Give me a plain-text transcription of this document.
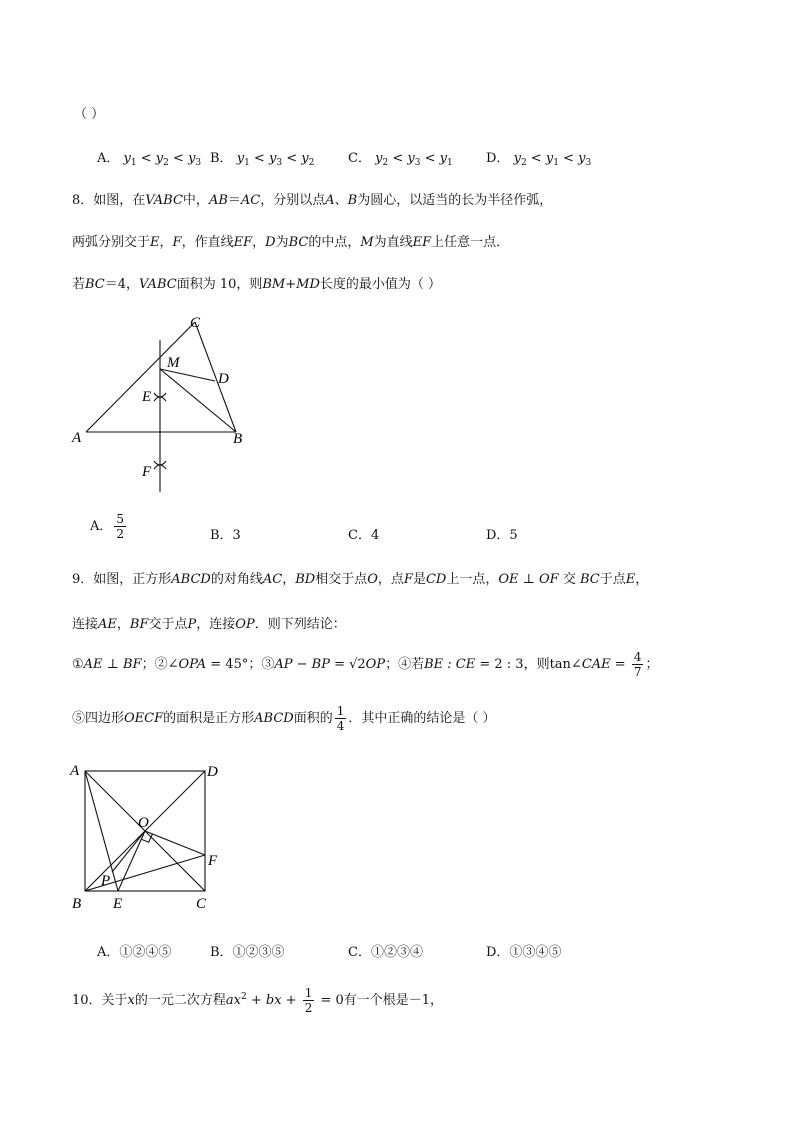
（ ）
A． $y_1 < y_2 < y_3$ B． $y_1 < y_3 < y_2$	C． $y_2 < y_3 < y_1$	D． $y_2 < y_1 < y_3$
8．如图，在VABC中，AB＝AC，分别以点A、B为圆心，以适当的长为半径作弧，
两弧分别交于E，F，作直线EF，D为BC的中点，M为直线EF上任意一点．
若BC＝4，VABC面积为 10，则BM+MD长度的最小值为（ ）
C
M
D
E
A	B
F
A． $\frac{5}{2}$	B．3	C．4	D．5
9．如图，正方形ABCD的对角线AC，BD相交于点O，点F是CD上一点，OE ⊥ OF 交 BC于点E，
连接AE，BF交于点P，连接OP．则下列结论：
①AE ⊥ BF；②∠OPA = 45°；③AP − BP = √2OP；④若BE : CE = 2 : 3，则tan∠CAE = $\frac{4}{7}$ ；
⑤四边形OECF的面积是正方形ABCD面积的 $\frac{1}{4}$ ．其中正确的结论是（ ）
A	D
O
F
P
B E	C
A．①②④⑤	B．①②③⑤	C．①②③④	D．①③④⑤
10．关于x的一元二次方程$ax^2$ + bx + $\frac{1}{2} = 0$有一个根是－1，
